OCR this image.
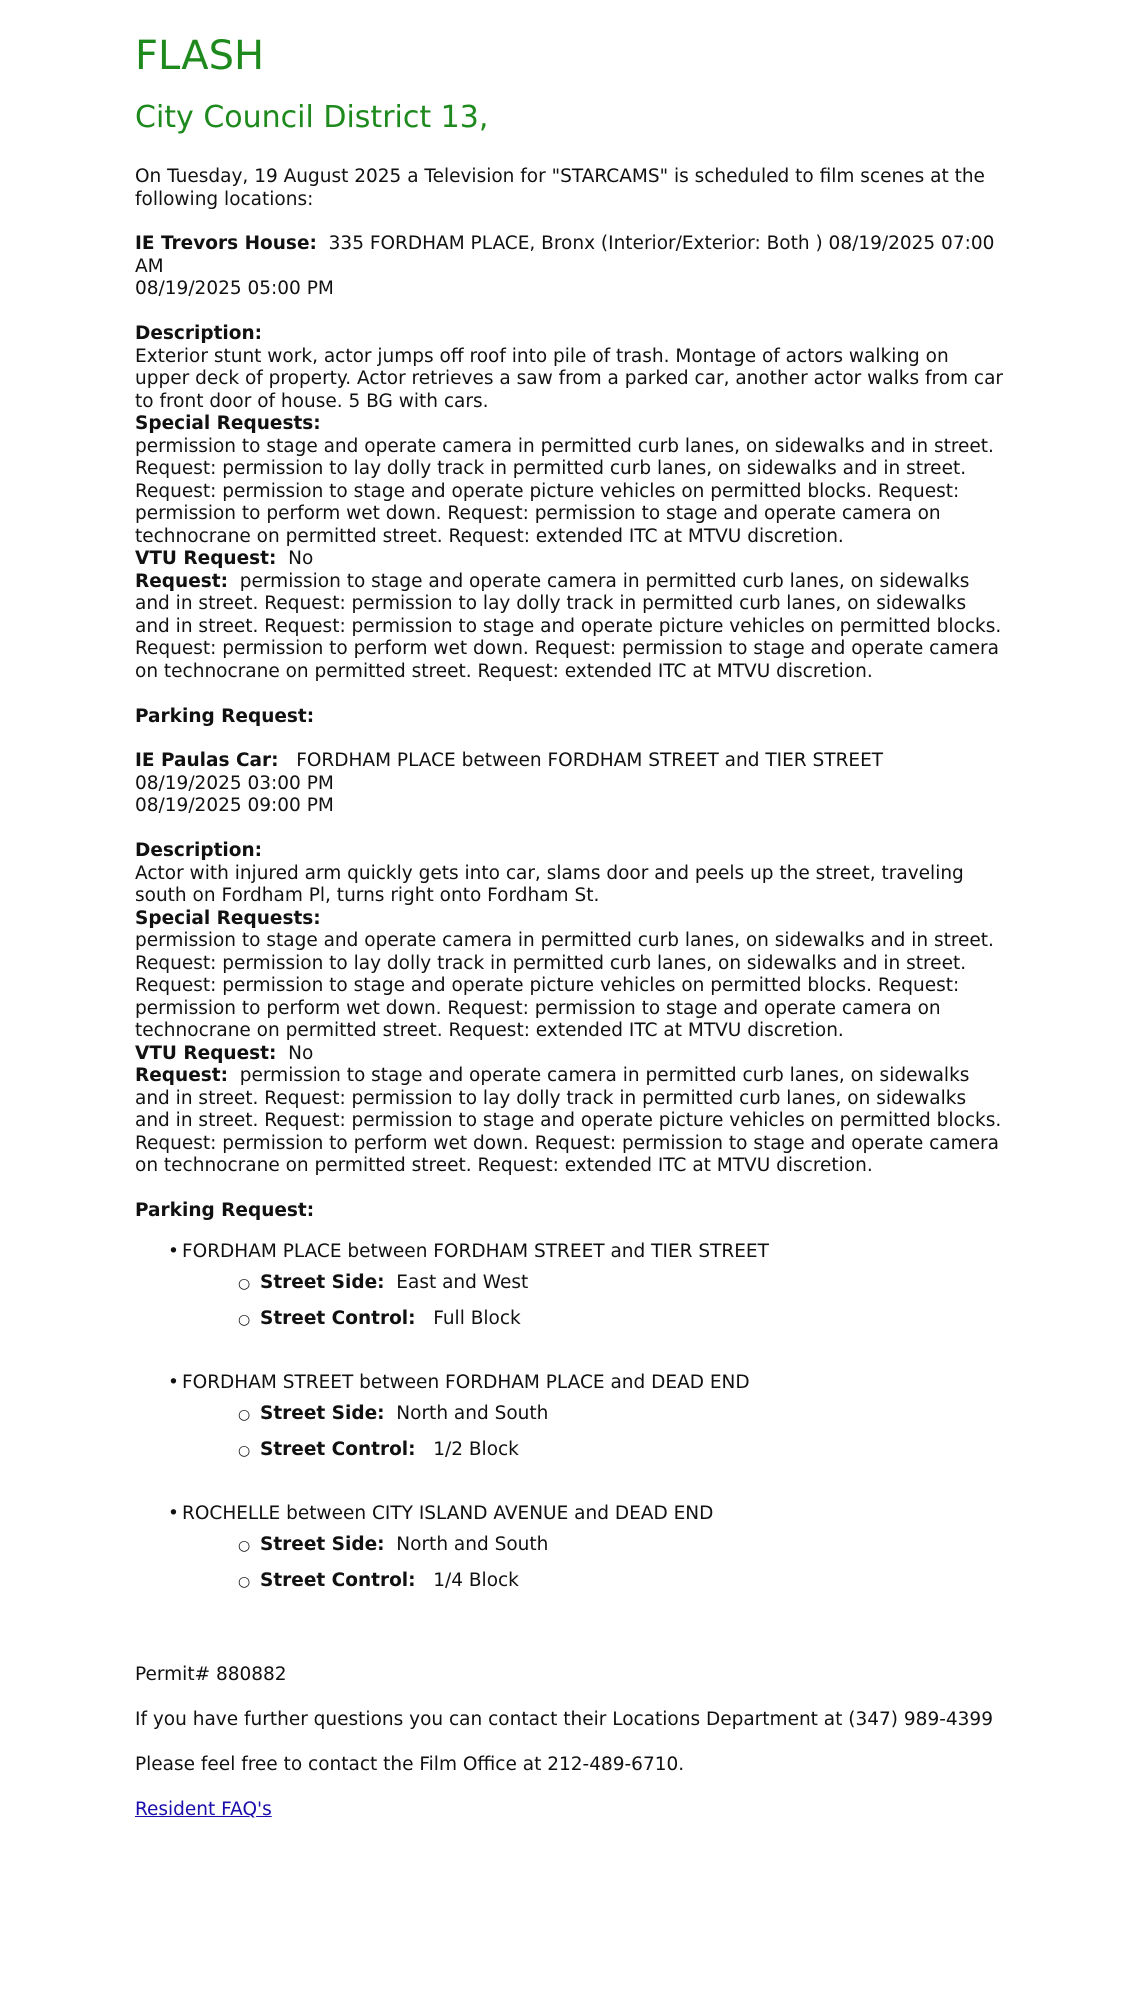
FLASH
City Council District 13,

On Tuesday, 19 August 2025 a Television for "STARCAMS" is scheduled to film scenes at the following locations:

IE Trevors House: 335 FORDHAM PLACE, Bronx (Interior/Exterior: Both ) 08/19/2025 07:00 AM

08/19/2025 05:00 PM

Description:

Exterior stunt work, actor jumps off roof into pile of trash. Montage of actors walking on upper deck of property. Actor retrieves a saw from a parked car, another actor walks from car to front door of house. 5 BG with cars.

Special Requests:

permission to stage and operate camera in permitted curb lanes, on sidewalks and in street. Request: permission to lay dolly track in permitted curb lanes, on sidewalks and in street. Request: permission to stage and operate picture vehicles on permitted blocks. Request: permission to perform wet down. Request: permission to stage and operate camera on technocrane on permitted street. Request: extended ITC at MTVU discretion.

VTU Request: No

Request: permission to stage and operate camera in permitted curb lanes, on sidewalks and in street. Request: permission to lay dolly track in permitted curb lanes, on sidewalks and in street. Request: permission to stage and operate picture vehicles on permitted blocks. Request: permission to perform wet down. Request: permission to stage and operate camera on technocrane on permitted street. Request: extended ITC at MTVU discretion.

Parking Request:

IE Paulas Car: FORDHAM PLACE between FORDHAM STREET and TIER STREET

08/19/2025 03:00 PM

08/19/2025 09:00 PM

Description:

Actor with injured arm quickly gets into car, slams door and peels up the street, traveling south on Fordham Pl, turns right onto Fordham St.

Special Requests:

permission to stage and operate camera in permitted curb lanes, on sidewalks and in street. Request: permission to lay dolly track in permitted curb lanes, on sidewalks and in street. Request: permission to stage and operate picture vehicles on permitted blocks. Request: permission to perform wet down. Request: permission to stage and operate camera on technocrane on permitted street. Request: extended ITC at MTVU discretion.

VTU Request: No

Request: permission to stage and operate camera in permitted curb lanes, on sidewalks and in street. Request: permission to lay dolly track in permitted curb lanes, on sidewalks and in street. Request: permission to stage and operate picture vehicles on permitted blocks. Request: permission to perform wet down. Request: permission to stage and operate camera on technocrane on permitted street. Request: extended ITC at MTVU discretion.

Parking Request:

• FORDHAM PLACE between FORDHAM STREET and TIER STREET
○ Street Side: East and West
○ Street Control: Full Block
• FORDHAM STREET between FORDHAM PLACE and DEAD END
○ Street Side: North and South
○ Street Control: 1/2 Block
• ROCHELLE between CITY ISLAND AVENUE and DEAD END
○ Street Side: North and South
○ Street Control: 1/4 Block

Permit# 880882

If you have further questions you can contact their Locations Department at (347) 989-4399

Please feel free to contact the Film Office at 212-489-6710.

Resident FAQ's
